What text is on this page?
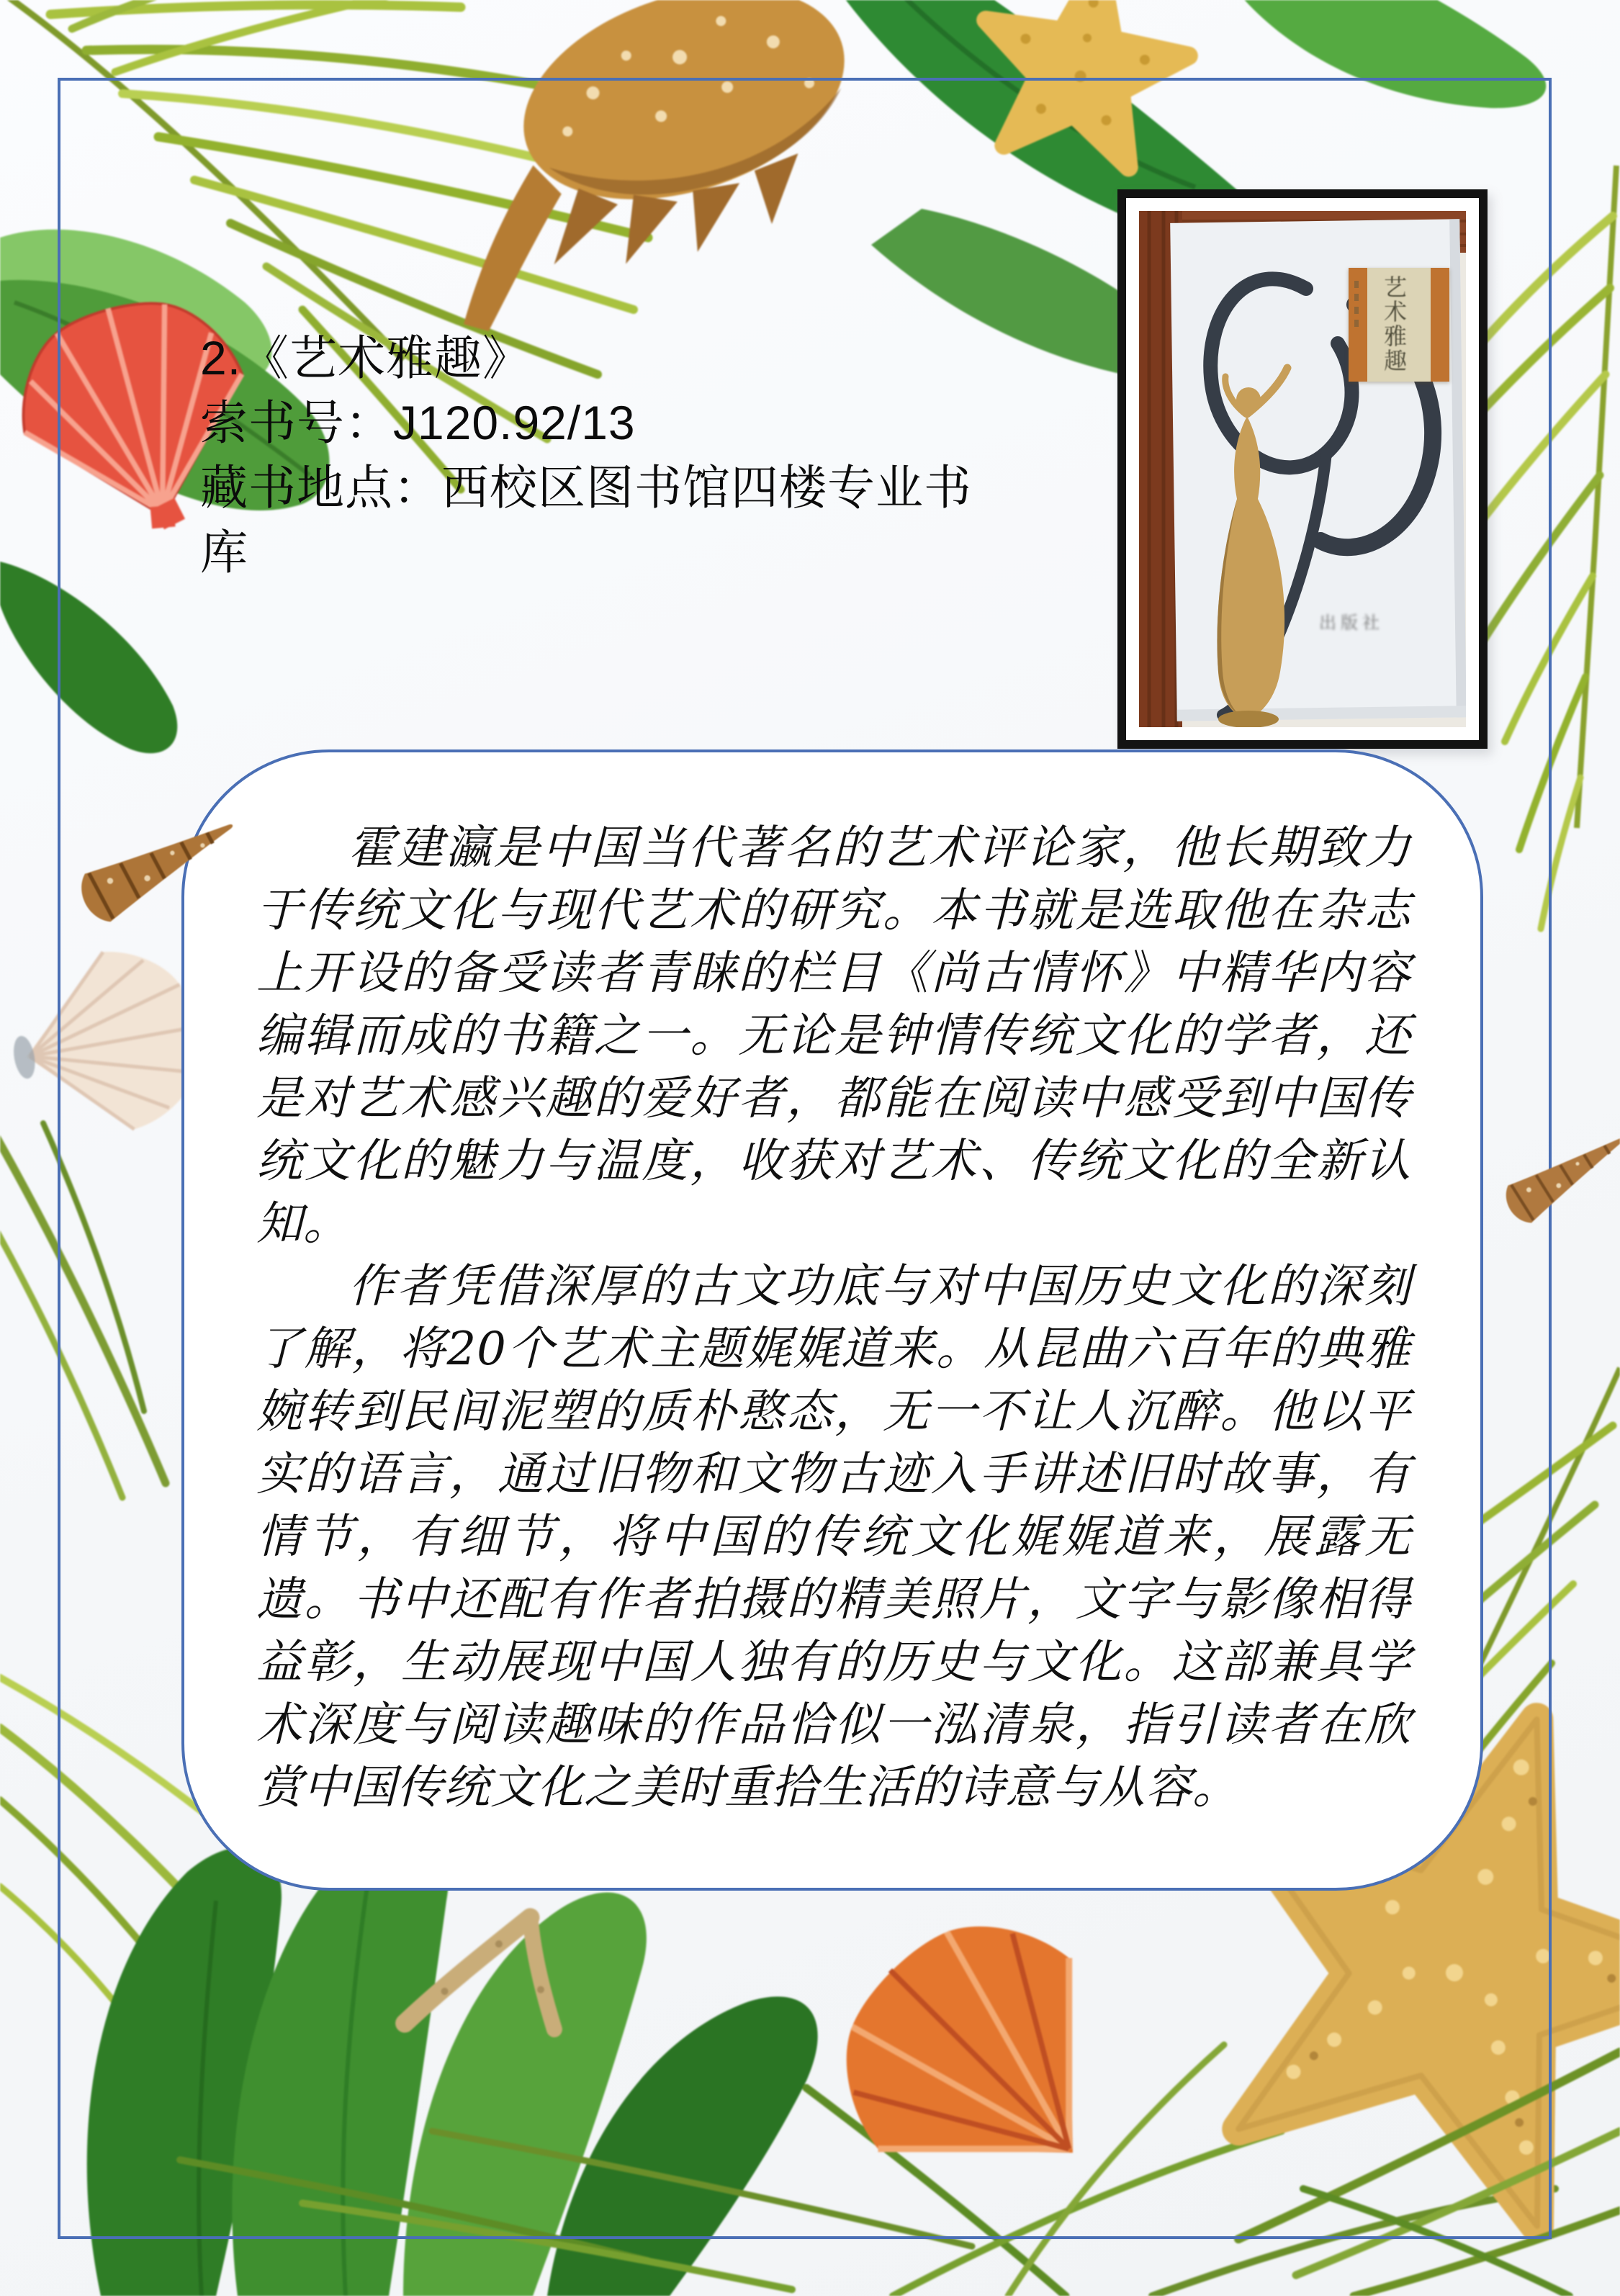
2.《艺术雅趣》
索书号：J120.92/13
藏书地点：西校区图书馆四楼专业书库
艺术雅趣
出版社

霍建瀛是中国当代著名的艺术评论家，他长期致力于传统文化与现代艺术的研究。本书就是选取他在杂志上开设的备受读者青睐的栏目《尚古情怀》中精华内容编辑而成的书籍之一。无论是钟情传统文化的学者，还是对艺术感兴趣的爱好者，都能在阅读中感受到中国传统文化的魅力与温度，收获对艺术、传统文化的全新认知。

作者凭借深厚的古文功底与对中国历史文化的深刻了解，将20个艺术主题娓娓道来。从昆曲六百年的典雅婉转到民间泥塑的质朴憨态，无一不让人沉醉。他以平实的语言，通过旧物和文物古迹入手讲述旧时故事，有情节，有细节，将中国的传统文化娓娓道来，展露无遗。书中还配有作者拍摄的精美照片，文字与影像相得益彰，生动展现中国人独有的历史与文化。这部兼具学术深度与阅读趣味的作品恰似一泓清泉，指引读者在欣赏中国传统文化之美时重拾生活的诗意与从容。
